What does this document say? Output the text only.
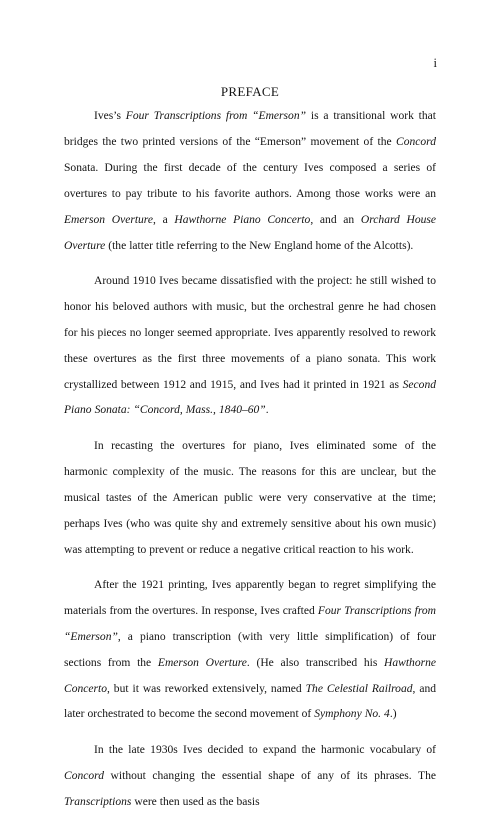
i
PREFACE

Ives’s Four Transcriptions from “Emerson” is a transitional work that bridges the two printed versions of the “Emerson” movement of the Concord Sonata. During the first decade of the century Ives composed a series of overtures to pay tribute to his favorite authors. Among those works were an Emerson Overture, a Hawthorne Piano Concerto, and an Orchard House Overture (the latter title referring to the New England home of the Alcotts).

Around 1910 Ives became dissatisfied with the project: he still wished to honor his beloved authors with music, but the orchestral genre he had chosen for his pieces no longer seemed appropriate. Ives apparently resolved to rework these overtures as the first three movements of a piano sonata. This work crystallized between 1912 and 1915, and Ives had it printed in 1921 as Second Piano Sonata: “Concord, Mass., 1840–60”.

In recasting the overtures for piano, Ives eliminated some of the harmonic complexity of the music. The reasons for this are unclear, but the musical tastes of the American public were very conservative at the time; perhaps Ives (who was quite shy and extremely sensitive about his own music) was attempting to prevent or reduce a negative critical reaction to his work.

After the 1921 printing, Ives apparently began to regret simplifying the materials from the overtures. In response, Ives crafted Four Transcriptions from “Emerson”, a piano transcription (with very little simplification) of four sections from the Emerson Overture. (He also transcribed his Hawthorne Concerto, but it was reworked extensively, named The Celestial Railroad, and later orchestrated to become the second movement of Symphony No. 4.)

In the late 1930s Ives decided to expand the harmonic vocabulary of Concord without changing the essential shape of any of its phrases. The Transcriptions were then used as the basis
